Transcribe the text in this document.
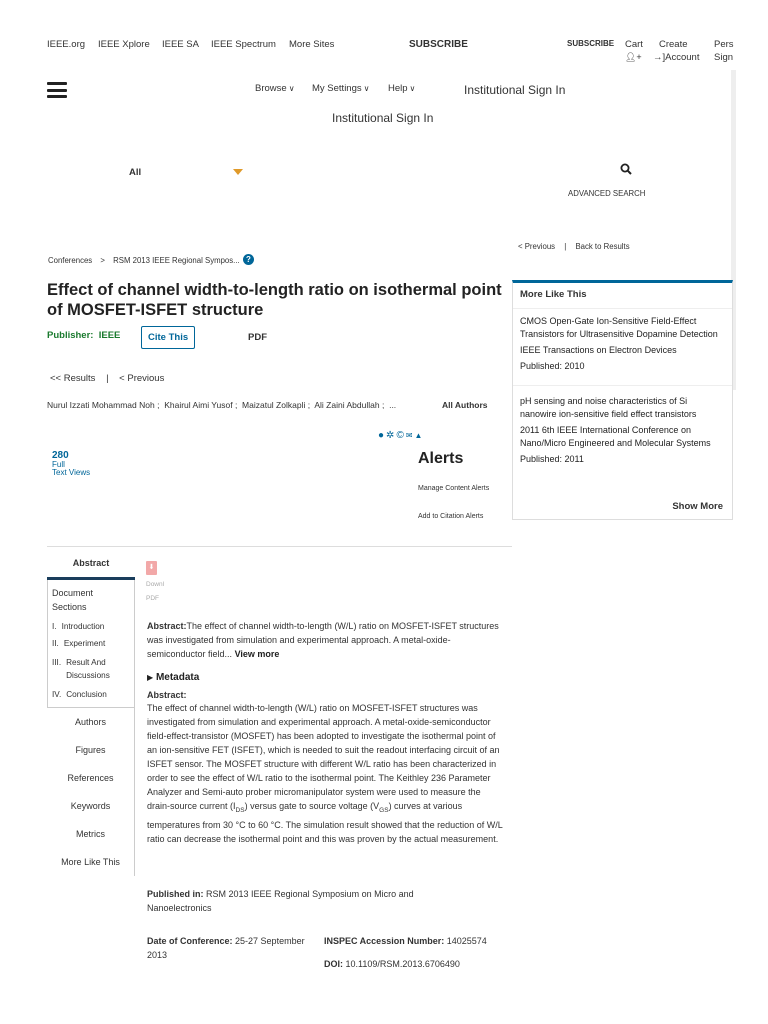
IEEE.org IEEE Xplore IEEE SA IEEE Spectrum More Sites	SUBSCRIBE	SUBSCRIBE Cart
👤︎+
Create
→]Account
Pers
Sign
Browse ∨ My Settings ∨ Help ∨	Institutional Sign In
Institutional Sign In
All
ADVANCED SEARCH
Conferences > RSM 2013 IEEE Regional Sympos... ?
< Previous | Back to Results
Effect of channel width-to-length ratio on isothermal point
of MOSFET-ISFET structure
Publisher: IEEE	Cite This	PDF
<< Results | < Previous
Nurul Izzati Mohammad Noh ; Khairul Aimi Yusof ; Maizatul Zolkapli ; Ali Zaini Abdullah ; ...	All Authors
● ✲ © ✉ ▲
280
Full
Text Views
Alerts
Manage Content Alerts
Add to Citation Alerts
More Like This
CMOS Open-Gate Ion-Sensitive Field-Effect Transistors for Ultrasensitive Dopamine Detection
IEEE Transactions on Electron Devices
Published: 2010
pH sensing and noise characteristics of Si nanowire ion-sensitive field effect transistors
2011 6th IEEE International Conference on Nano/Micro Engineered and Molecular Systems
Published: 2011
Show More
Abstract
Document Sections
I. Introduction
II. Experiment
III. Result And Discussions
IV. Conclusion
Authors
Figures
References
Keywords
Metrics
More Like This
⬇
Downl
PDF
Abstract:The effect of channel width-to-length (W/L) ratio on MOSFET-ISFET structures was investigated from simulation and experimental approach. A metal-oxide-semiconductor field... View more
▶ Metadata
Abstract:
The effect of channel width-to-length (W/L) ratio on MOSFET-ISFET structures was investigated from simulation and experimental approach. A metal-oxide-semiconductor field-effect-transistor (MOSFET) has been adopted to investigate the isothermal point of an ion-sensitive FET (ISFET), which is needed to suit the readout interfacing circuit of an ISFET sensor. The MOSFET structure with different W/L ratio has been characterized in order to see the effect of W/L ratio to the isothermal point. The Keithley 236 Parameter Analyzer and Semi-auto prober micromanipulator system were used to measure the drain-source current $(I_{DS})$ versus gate to source voltage $(V_{GS})$ curves at various temperatures from 30 °C to 60 °C. The simulation result showed that the reduction of W/L ratio can decrease the isothermal point and this was proven by the actual measurement.
Published in: RSM 2013 IEEE Regional Symposium on Micro and Nanoelectronics
Date of Conference: 25-27 September 2013
INSPEC Accession Number: 14025574
DOI: 10.1109/RSM.2013.6706490
